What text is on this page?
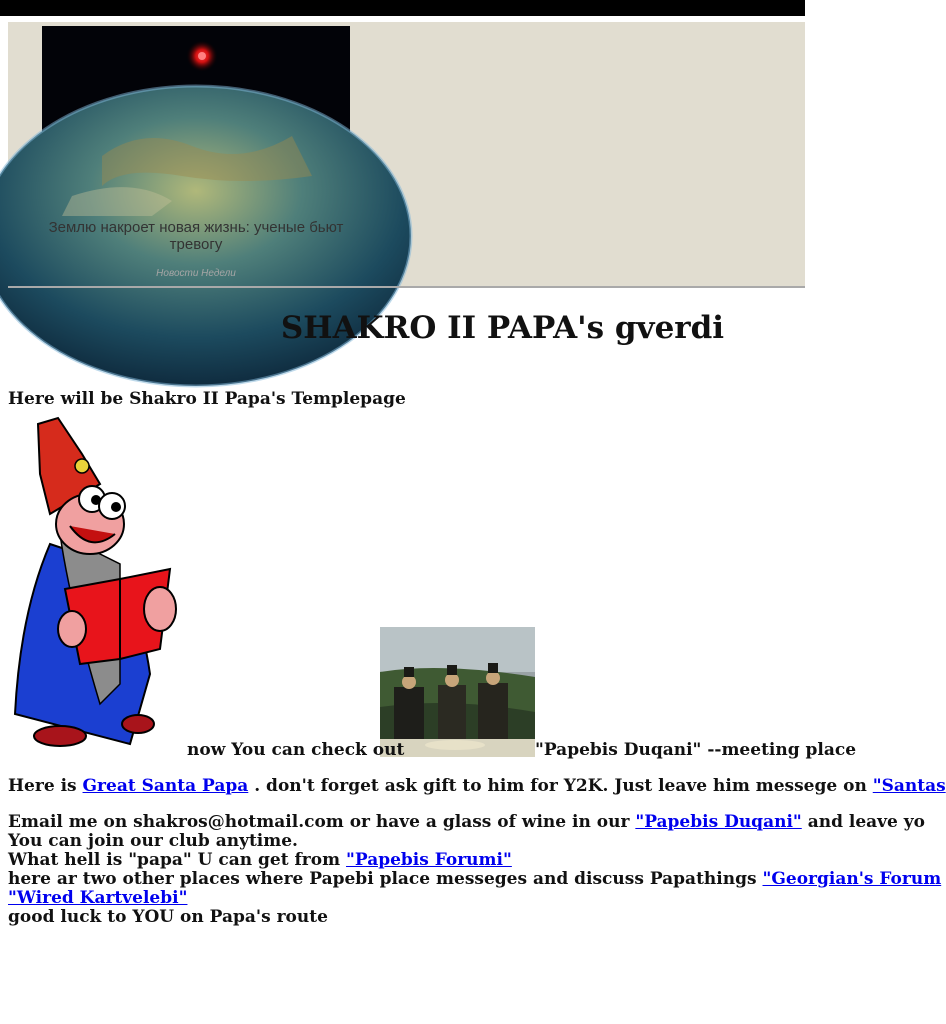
Землю накроет новая жизнь: ученые бьют тревогу
Новости Недели
SHAKRO II PAPA's gverdi
Here will be Shakro II Papa's Templepage
now You can check out	"Papebis Duqani" --meeting place
Here is Great Santa Papa . don't forget ask gift to him for Y2K. Just leave him messege on "Santas
Email me on shakros@hotmail.com or have a glass of wine in our "Papebis Duqani" and leave yo
You can join our club anytime.
What hell is "papa" U can get from "Papebis Forumi"
here ar two other places where Papebi place messeges and discuss Papathings "Georgian's Forum
"Wired Kartvelebi"
good luck to YOU on Papa's route
